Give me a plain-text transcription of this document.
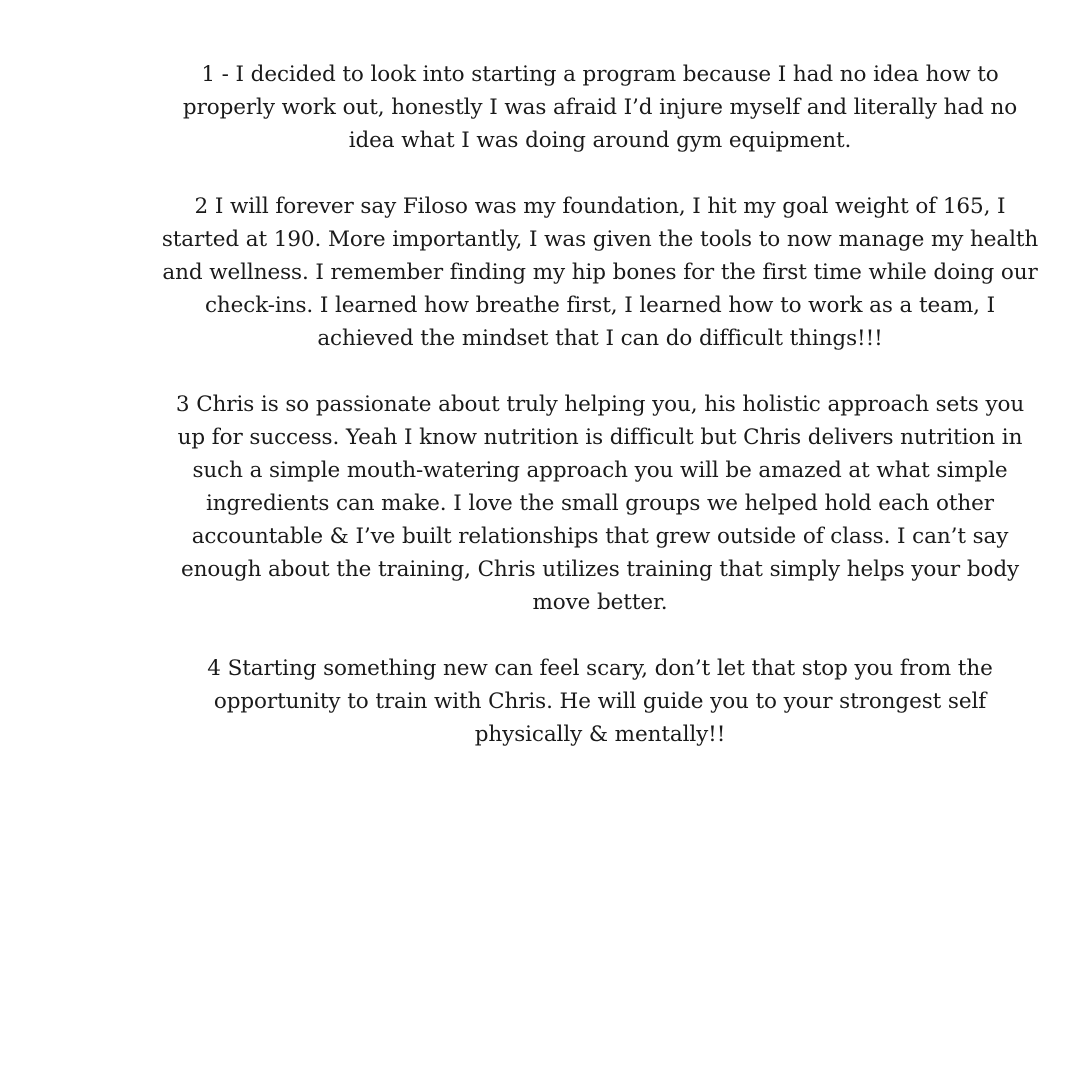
1 - I decided to look into starting a program because I had no idea how to properly work out, honestly I was afraid I’d injure myself and literally had no idea what I was doing around gym equipment.

2 I will forever say Filoso was my foundation, I hit my goal weight of 165, I started at 190. More importantly, I was given the tools to now manage my health and wellness. I remember finding my hip bones for the first time while doing our check-ins. I learned how breathe first, I learned how to work as a team, I achieved the mindset that I can do difficult things!!!

3 Chris is so passionate about truly helping you, his holistic approach sets you up for success. Yeah I know nutrition is difficult but Chris delivers nutrition in such a simple mouth-watering approach you will be amazed at what simple ingredients can make. I love the small groups we helped hold each other accountable & I’ve built relationships that grew outside of class. I can’t say enough about the training, Chris utilizes training that simply helps your body move better.

4 Starting something new can feel scary, don’t let that stop you from the opportunity to train with Chris. He will guide you to your strongest self physically & mentally!!
